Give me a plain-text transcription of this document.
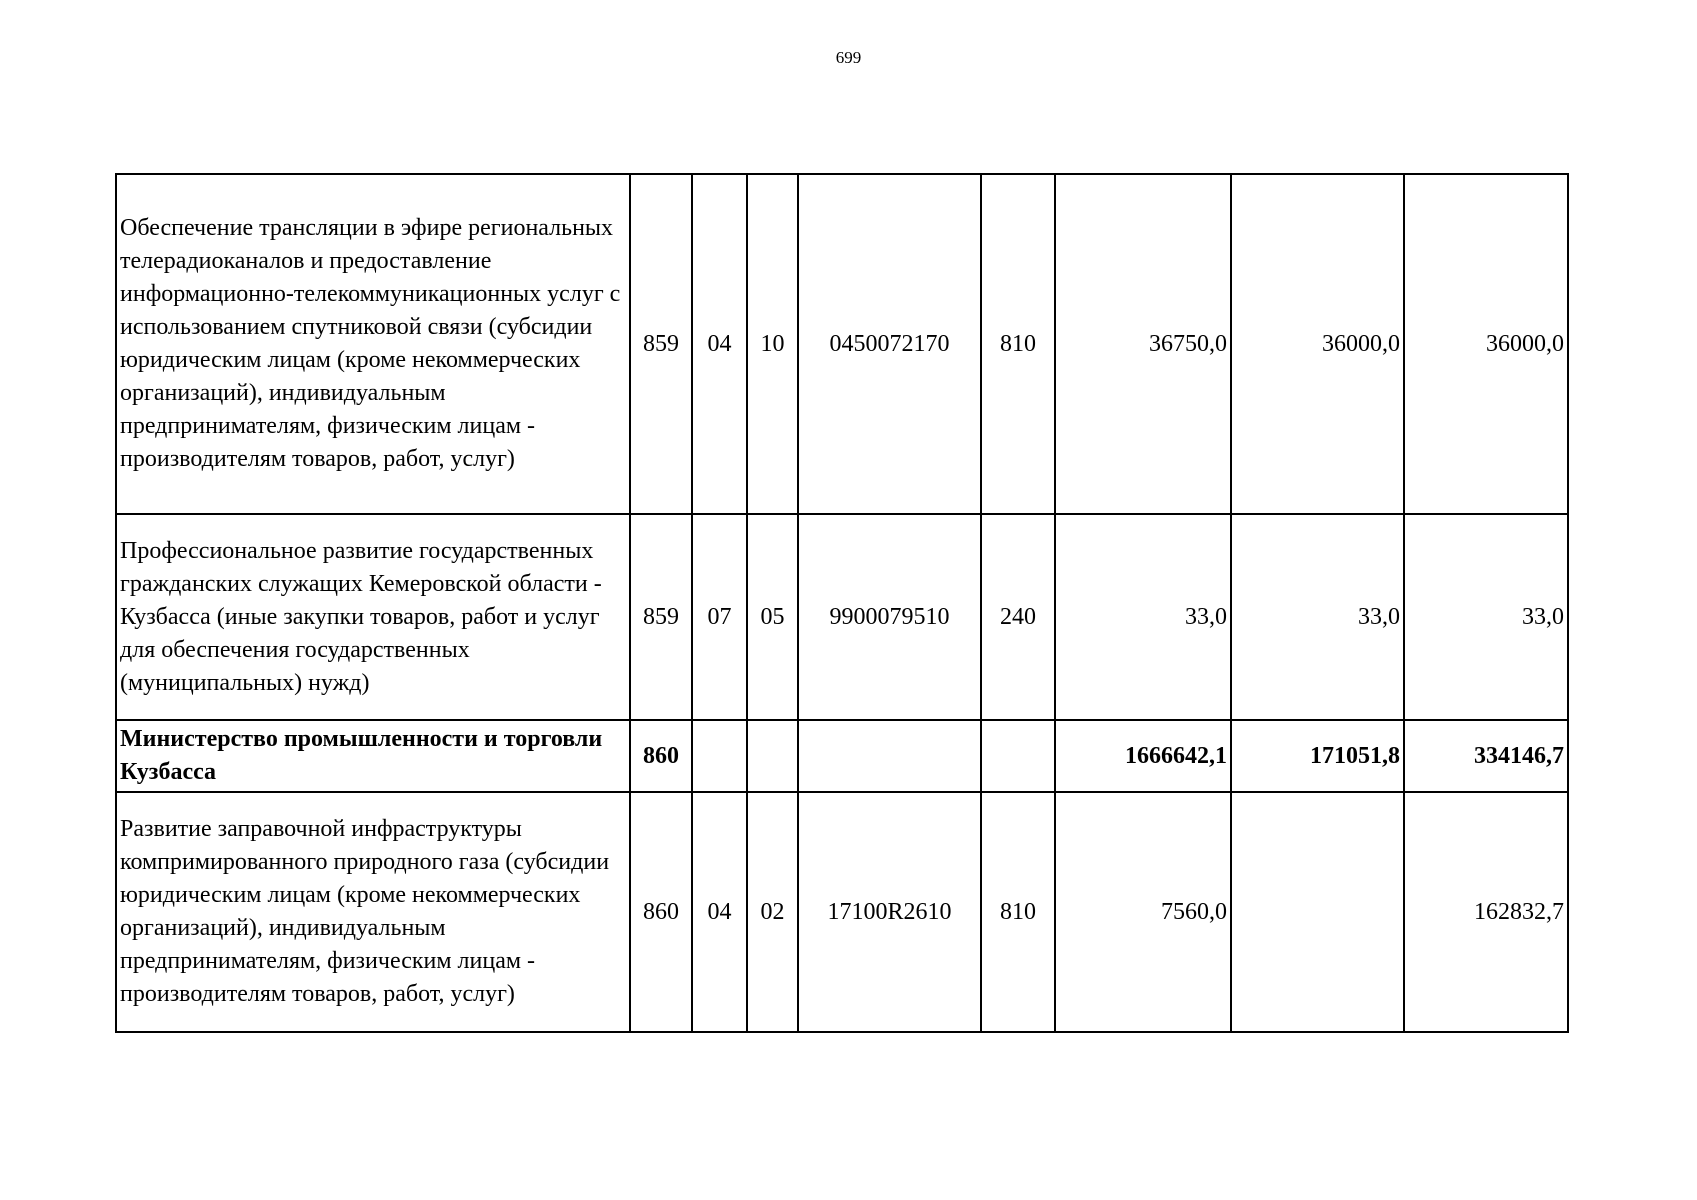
699
Обеспечение трансляции в эфире региональных телерадиоканалов и предоставление информационно-телекоммуникационных услуг с использованием спутниковой связи (субсидии юридическим лицам (кроме некоммерческих организаций), индивидуальным предпринимателям, физическим лицам - производителям товаров, работ, услуг)	859	04	10	0450072170	810	36750,0	36000,0	36000,0
Профессиональное развитие государственных гражданских служащих Кемеровской области - Кузбасса (иные закупки товаров, работ и услуг для обеспечения государственных (муниципальных) нужд)	859	07	05	9900079510	240	33,0	33,0	33,0
Министерство промышленности и торговли Кузбасса	860					1666642,1	171051,8	334146,7
Развитие заправочной инфраструктуры компримированного природного газа (субсидии юридическим лицам (кроме некоммерческих организаций), индивидуальным предпринимателям, физическим лицам - производителям товаров, работ, услуг)	860	04	02	17100R2610	810	7560,0		162832,7
